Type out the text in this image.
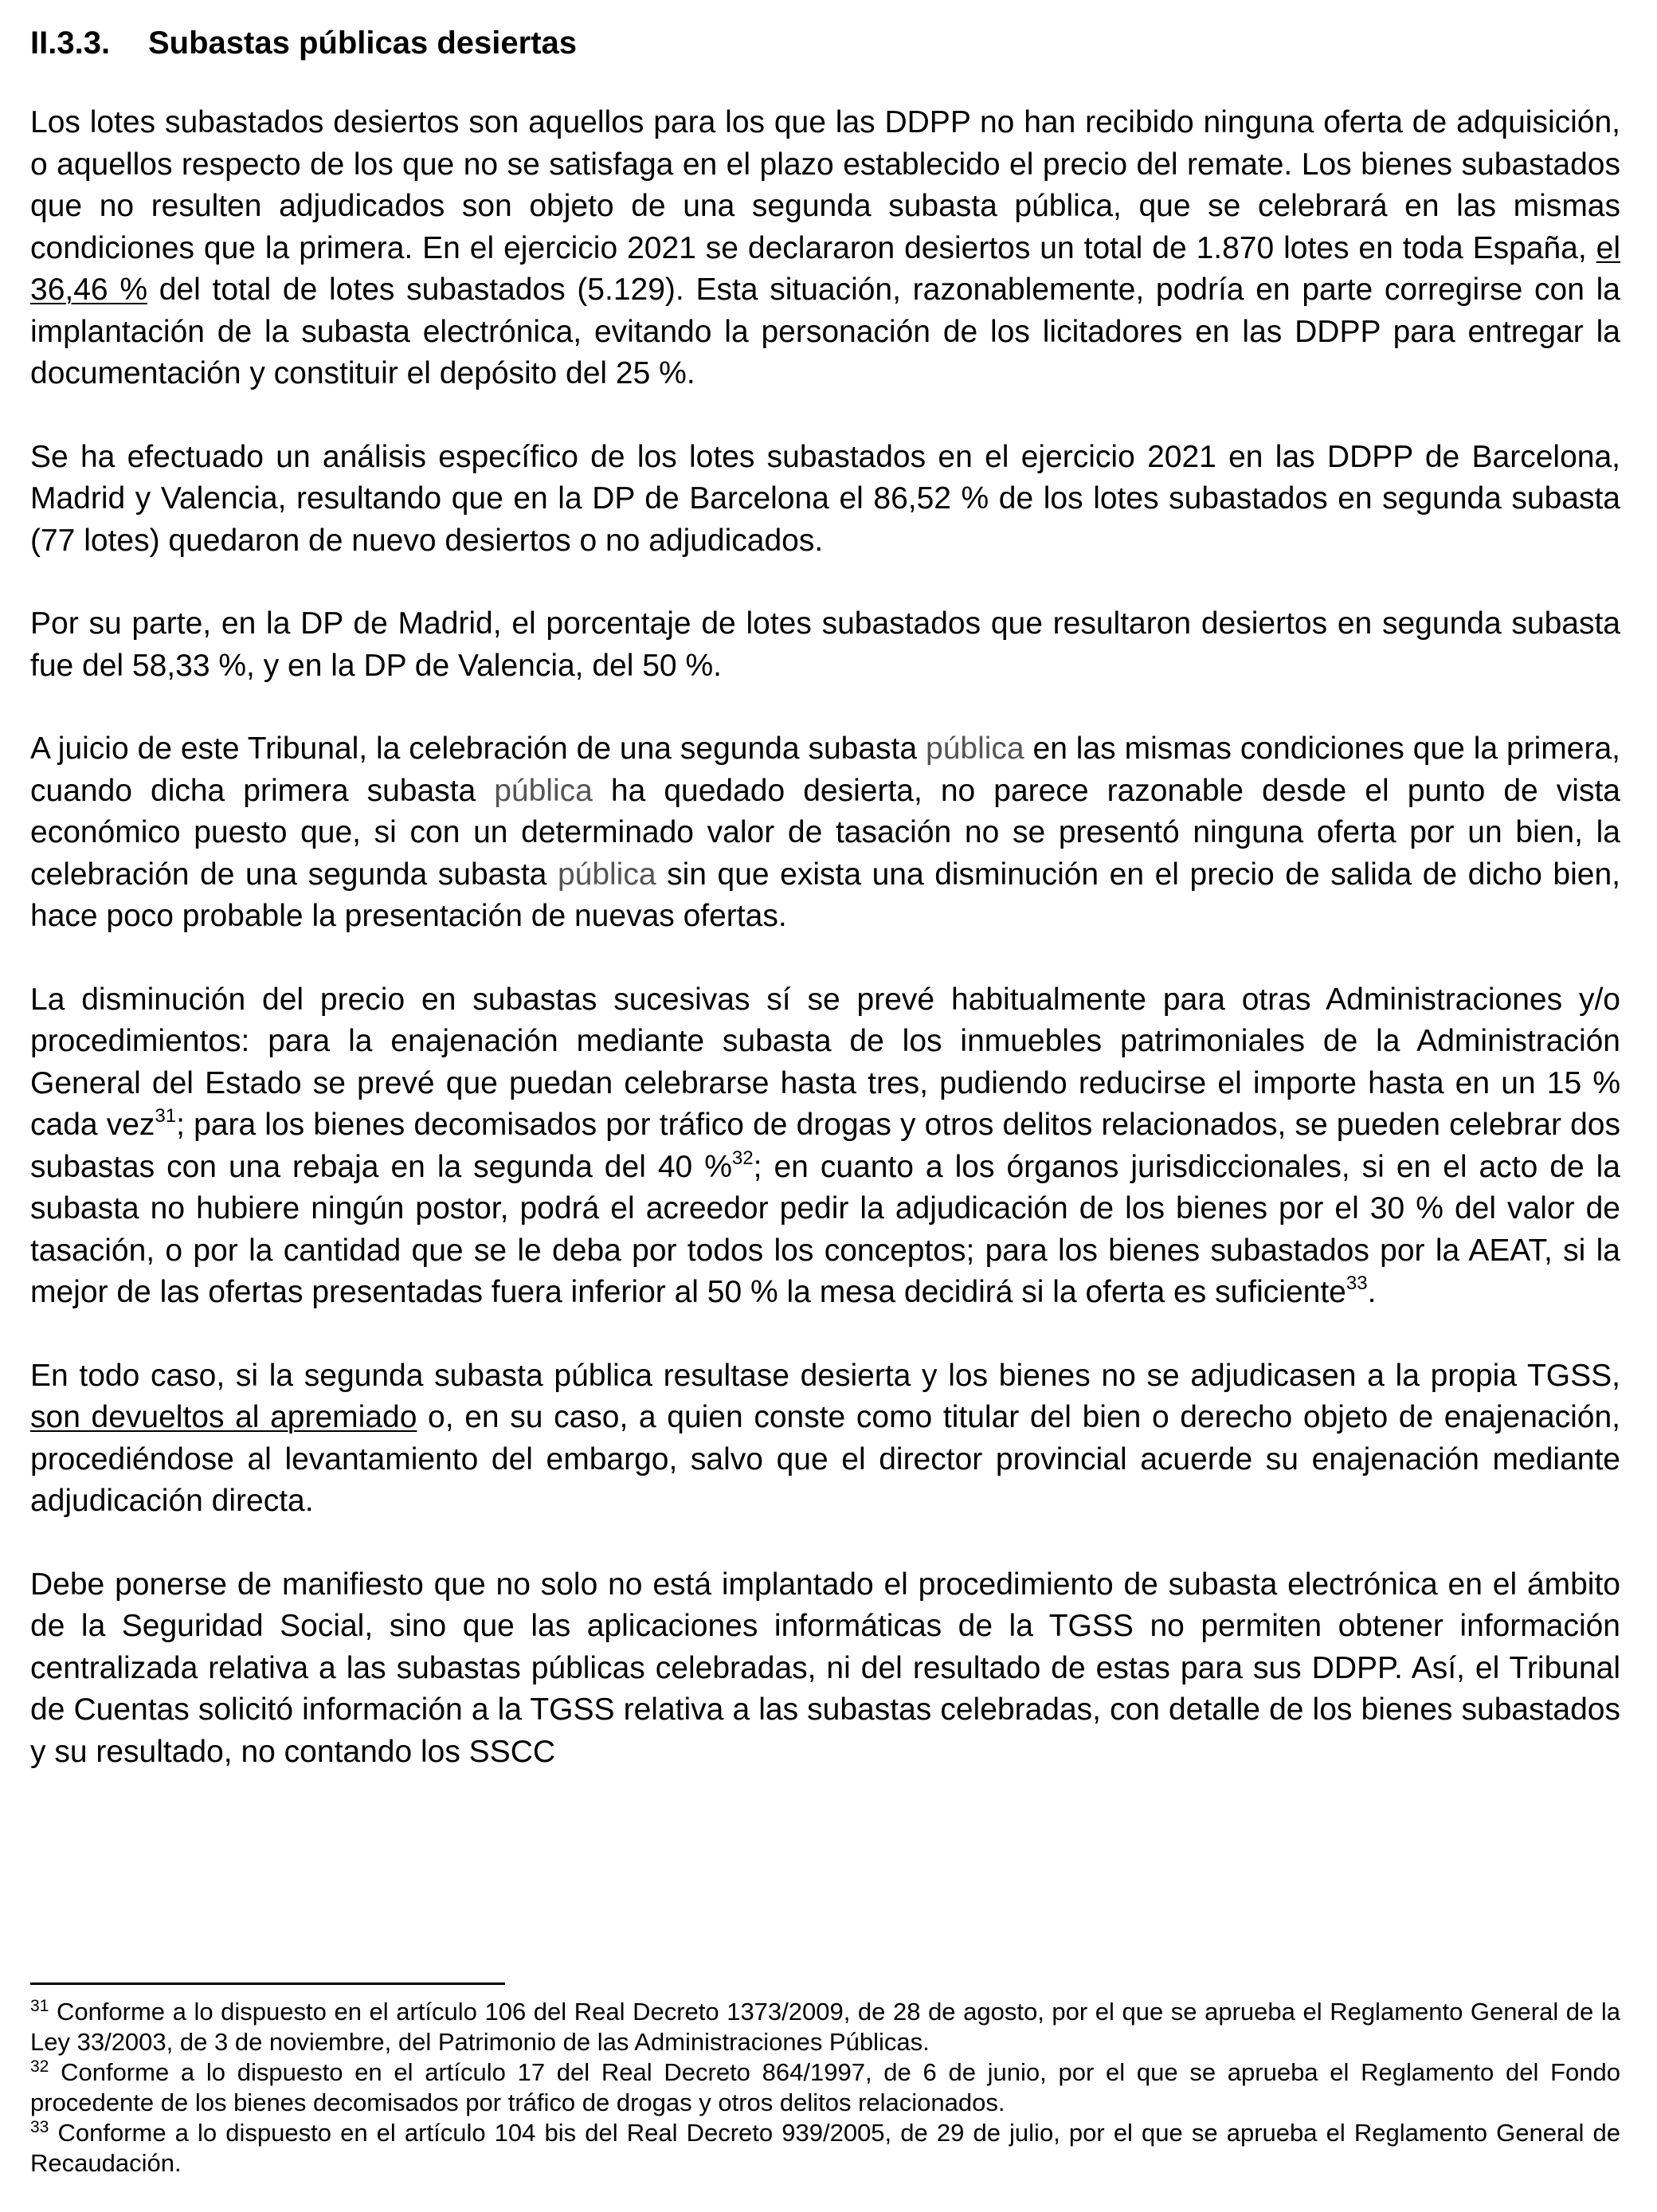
II.3.3. Subastas públicas desiertas

Los lotes subastados desiertos son aquellos para los que las DDPP no han recibido ninguna oferta de adquisición, o aquellos respecto de los que no se satisfaga en el plazo establecido el precio del remate. Los bienes subastados que no resulten adjudicados son objeto de una segunda subasta pública, que se celebrará en las mismas condiciones que la primera. En el ejercicio 2021 se declararon desiertos un total de 1.870 lotes en toda España, el 36,46 % del total de lotes subastados (5.129). Esta situación, razonablemente, podría en parte corregirse con la implantación de la subasta electrónica, evitando la personación de los licitadores en las DDPP para entregar la documentación y constituir el depósito del 25 %.

Se ha efectuado un análisis específico de los lotes subastados en el ejercicio 2021 en las DDPP de Barcelona, Madrid y Valencia, resultando que en la DP de Barcelona el 86,52 % de los lotes subastados en segunda subasta (77 lotes) quedaron de nuevo desiertos o no adjudicados.

Por su parte, en la DP de Madrid, el porcentaje de lotes subastados que resultaron desiertos en segunda subasta fue del 58,33 %, y en la DP de Valencia, del 50 %.

A juicio de este Tribunal, la celebración de una segunda subasta pública en las mismas condiciones que la primera, cuando dicha primera subasta pública ha quedado desierta, no parece razonable desde el punto de vista económico puesto que, si con un determinado valor de tasación no se presentó ninguna oferta por un bien, la celebración de una segunda subasta pública sin que exista una disminución en el precio de salida de dicho bien, hace poco probable la presentación de nuevas ofertas.

La disminución del precio en subastas sucesivas sí se prevé habitualmente para otras Administraciones y/o procedimientos: para la enajenación mediante subasta de los inmuebles patrimoniales de la Administración General del Estado se prevé que puedan celebrarse hasta tres, pudiendo reducirse el importe hasta en un 15 % cada vez$^{31}$; para los bienes decomisados por tráfico de drogas y otros delitos relacionados, se pueden celebrar dos subastas con una rebaja en la segunda del 40 %$^{32}$; en cuanto a los órganos jurisdiccionales, si en el acto de la subasta no hubiere ningún postor, podrá el acreedor pedir la adjudicación de los bienes por el 30 % del valor de tasación, o por la cantidad que se le deba por todos los conceptos; para los bienes subastados por la AEAT, si la mejor de las ofertas presentadas fuera inferior al 50 % la mesa decidirá si la oferta es suficiente$^{33}$.

En todo caso, si la segunda subasta pública resultase desierta y los bienes no se adjudicasen a la propia TGSS, son devueltos al apremiado o, en su caso, a quien conste como titular del bien o derecho objeto de enajenación, procediéndose al levantamiento del embargo, salvo que el director provincial acuerde su enajenación mediante adjudicación directa.

Debe ponerse de manifiesto que no solo no está implantado el procedimiento de subasta electrónica en el ámbito de la Seguridad Social, sino que las aplicaciones informáticas de la TGSS no permiten obtener información centralizada relativa a las subastas públicas celebradas, ni del resultado de estas para sus DDPP. Así, el Tribunal de Cuentas solicitó información a la TGSS relativa a las subastas celebradas, con detalle de los bienes subastados y su resultado, no contando los SSCC

$^{31}$ Conforme a lo dispuesto en el artículo 106 del Real Decreto 1373/2009, de 28 de agosto, por el que se aprueba el Reglamento General de la Ley 33/2003, de 3 de noviembre, del Patrimonio de las Administraciones Públicas.

$^{32}$ Conforme a lo dispuesto en el artículo 17 del Real Decreto 864/1997, de 6 de junio, por el que se aprueba el Reglamento del Fondo procedente de los bienes decomisados por tráfico de drogas y otros delitos relacionados.

$^{33}$ Conforme a lo dispuesto en el artículo 104 bis del Real Decreto 939/2005, de 29 de julio, por el que se aprueba el Reglamento General de Recaudación.
